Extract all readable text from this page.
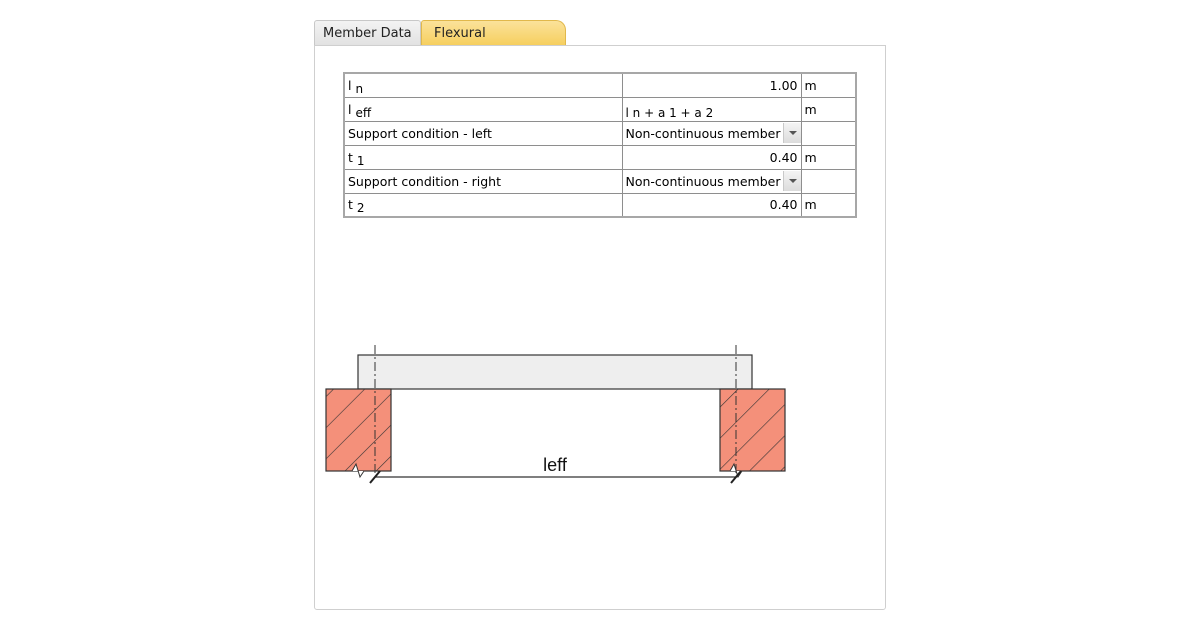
Member Data	Flexural
l n	1.00	m
l eff	l n + a 1 + a 2	m
Support condition - left	Non-continuous member	

t 1	0.40	m
Support condition - right	Non-continuous member	

t 2	0.40	m
leff
